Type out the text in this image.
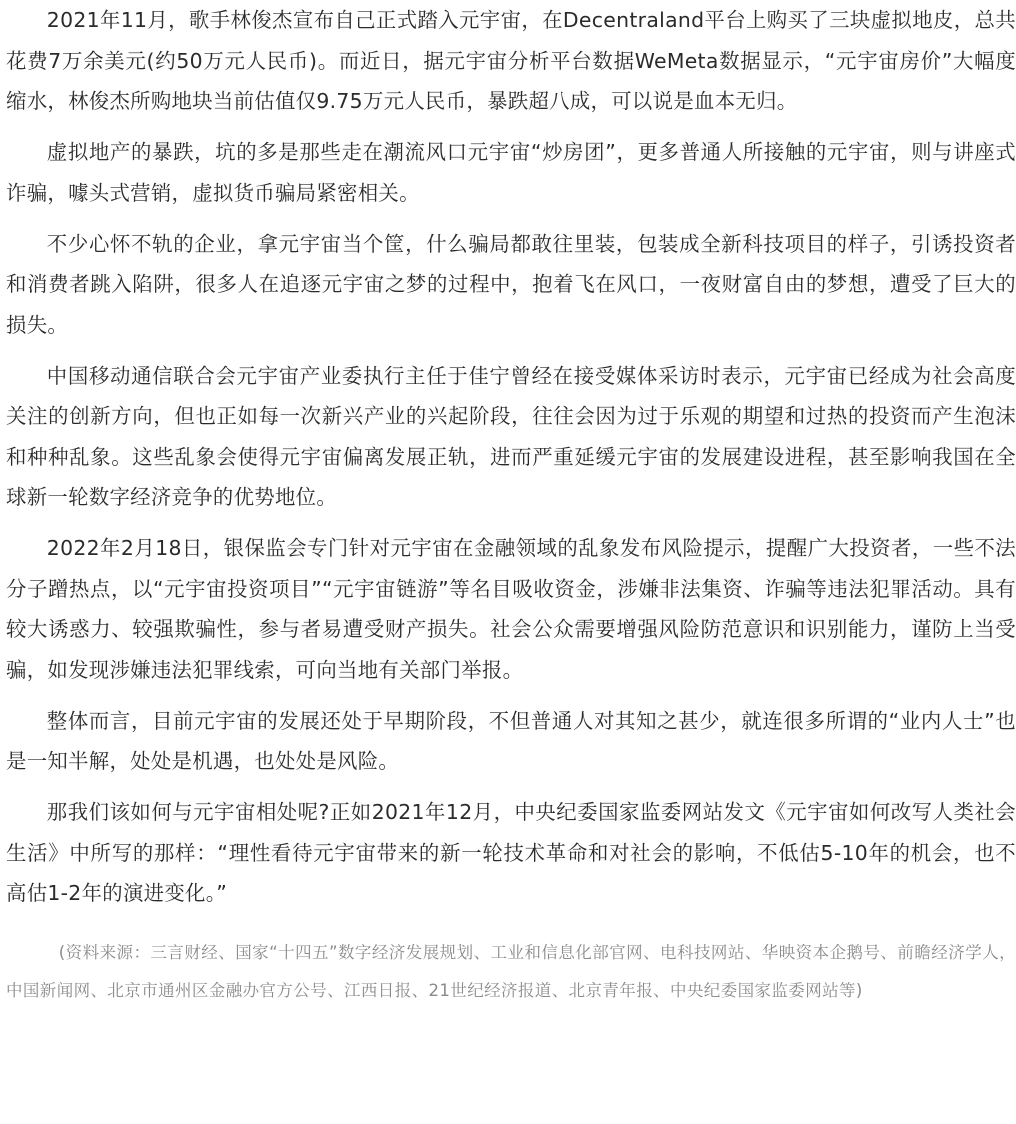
2021年11月，歌手林俊杰宣布自己正式踏入元宇宙，在Decentraland平台上购买了三块虚拟地皮，总共花费7万余美元(约50万元人民币)。而近日，据元宇宙分析平台数据WeMeta数据显示，“元宇宙房价”大幅度缩水，林俊杰所购地块当前估值仅9.75万元人民币，暴跌超八成，可以说是血本无归。

虚拟地产的暴跌，坑的多是那些走在潮流风口元宇宙“炒房团”，更多普通人所接触的元宇宙，则与讲座式诈骗，噱头式营销，虚拟货币骗局紧密相关。

不少心怀不轨的企业，拿元宇宙当个筐，什么骗局都敢往里装，包装成全新科技项目的样子，引诱投资者和消费者跳入陷阱，很多人在追逐元宇宙之梦的过程中，抱着飞在风口，一夜财富自由的梦想，遭受了巨大的损失。

中国移动通信联合会元宇宙产业委执行主任于佳宁曾经在接受媒体采访时表示，元宇宙已经成为社会高度关注的创新方向，但也正如每一次新兴产业的兴起阶段，往往会因为过于乐观的期望和过热的投资而产生泡沫和种种乱象。这些乱象会使得元宇宙偏离发展正轨，进而严重延缓元宇宙的发展建设进程，甚至影响我国在全球新一轮数字经济竞争的优势地位。

2022年2月18日，银保监会专门针对元宇宙在金融领域的乱象发布风险提示，提醒广大投资者，一些不法分子蹭热点，以“元宇宙投资项目”“元宇宙链游”等名目吸收资金，涉嫌非法集资、诈骗等违法犯罪活动。具有较大诱惑力、较强欺骗性，参与者易遭受财产损失。社会公众需要增强风险防范意识和识别能力，谨防上当受骗，如发现涉嫌违法犯罪线索，可向当地有关部门举报。

整体而言，目前元宇宙的发展还处于早期阶段，不但普通人对其知之甚少，就连很多所谓的“业内人士”也是一知半解，处处是机遇，也处处是风险。

那我们该如何与元宇宙相处呢?正如2021年12月，中央纪委国家监委网站发文《元宇宙如何改写人类社会生活》中所写的那样：“理性看待元宇宙带来的新一轮技术革命和对社会的影响，不低估5-10年的机会，也不高估1-2年的演进变化。”

(资料来源：三言财经、国家“十四五”数字经济发展规划、工业和信息化部官网、电科技网站、华映资本企鹅号、前瞻经济学人，中国新闻网、北京市通州区金融办官方公号、江西日报、21世纪经济报道、北京青年报、中央纪委国家监委网站等)
